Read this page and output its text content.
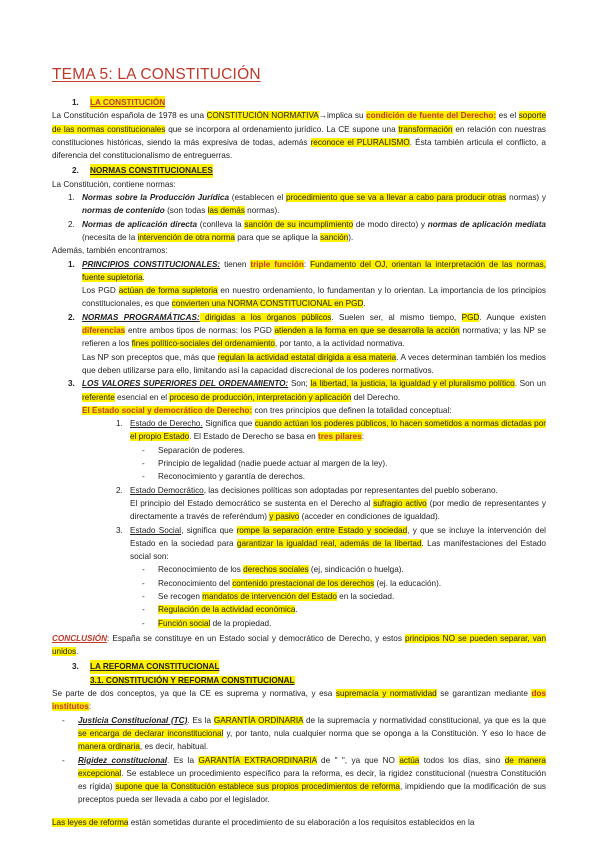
TEMA 5: LA CONSTITUCIÓN
1.	LA CONSTITUCIÓN

La Constitución española de 1978 es una CONSTITUCIÓN NORMATIVA→implica su condición de fuente del Derecho: es el soporte de las normas constitucionales que se incorpora al ordenamiento jurídico. La CE supone una transformación en relación con nuestras constituciones históricas, siendo la más expresiva de todas, además reconoce el PLURALISMO. Ésta también articula el conflicto, a diferencia del constitucionalismo de entreguerras.

2.	NORMAS CONSTITUCIONALES

La Constitución, contiene normas:

1. Normas sobre la Producción Jurídica (establecen el procedimiento que se va a llevar a cabo para producir otras normas) y normas de contenido (son todas las demás normas).
2. Normas de aplicación directa (conlleva la sanción de su incumplimiento de modo directo) y normas de aplicación mediata (necesita de la intervención de otra norma para que se aplique la sanción).

Además, también encontramos:

1. PRINCIPIOS CONSTITUCIONALES: tienen triple función: Fundamento del OJ, orientan la interpretación de las normas, fuente supletoria.
Los PGD actúan de forma supletoria en nuestro ordenamiento, lo fundamentan y lo orientan. La importancia de los principios constitucionales, es que convierten una NORMA CONSTITUCIONAL en PGD.
2. NORMAS PROGRAMÁTICAS: dirigidas a los órganos públicos. Suelen ser, al mismo tiempo, PGD. Aunque existen diferencias entre ambos tipos de normas: los PGD atienden a la forma en que se desarrolla la acción normativa; y las NP se refieren a los fines político-sociales del ordenamiento, por tanto, a la actividad normativa.
Las NP son preceptos que, más que regulan la actividad estatal dirigida a esa materia. A veces determinan también los medios que deben utilizarse para ello, limitando así la capacidad discrecional de los poderes normativos.
3. LOS VALORES SUPERIORES DEL ORDENAMIENTO: Son; la libertad, la justicia, la igualdad y el pluralismo político. Son un referente esencial en el proceso de producción, interpretación y aplicación del Derecho.

El Estado social y democrático de Derecho: con tres principios que definen la totalidad conceptual:

1. Estado de Derecho. Significa que cuando actúan los poderes públicos, lo hacen sometidos a normas dictadas por el propio Estado. El Estado de Derecho se basa en tres pilares:
-	Separación de poderes.
-	Principio de legalidad (nadie puede actuar al margen de la ley).
-	Reconocimiento y garantía de derechos.
2. Estado Democrático, las decisiones políticas son adoptadas por representantes del pueblo soberano.
El principio del Estado democrático se sustenta en el Derecho al sufragio activo (por medio de representantes y directamente a través de referéndum) y pasivo (acceder en condiciones de igualdad).
3. Estado Social, significa que rompe la separación entre Estado y sociedad, y que se incluye la intervención del Estado en la sociedad para garantizar la igualdad real, además de la libertad. Las manifestaciones del Estado social son:
-	Reconocimiento de los derechos sociales (ej, sindicación o huelga).
-	Reconocimiento del contenido prestacional de los derechos (ej. la educación).
-	Se recogen mandatos de intervención del Estado en la sociedad.
-	Regulación de la actividad económica.
-	Función social de la propiedad.

CONCLUSIÓN: España se constituye en un Estado social y democrático de Derecho, y estos principios NO se pueden separar, van unidos.

3.	LA REFORMA CONSTITUCIONAL

3.1. CONSTITUCIÓN Y REFORMA CONSTITUCIONAL

Se parte de dos conceptos, ya que la CE es suprema y normativa, y esa supremacía y normatividad se garantizan mediante dos institutos:

-	Justicia Constitucional (TC). Es la GARANTÍA ORDINARIA de la supremacía y normatividad constitucional, ya que es la que se encarga de declarar inconstitucional y, por tanto, nula cualquier norma que se oponga a la Constitución. Y eso lo hace de manera ordinaria, es decir, habitual.
-	Rigidez constitucional. Es la GARANTÍA EXTRAORDINARIA de " ", ya que NO actúa todos los días, sino de manera excepcional. Se establece un procedimiento específico para la reforma, es decir, la rigidez constitucional (nuestra Constitución es rígida) supone que la Constitución establece sus propios procedimientos de reforma, impidiendo que la modificación de sus preceptos pueda ser llevada a cabo por el legislador.

Las leyes de reforma están sometidas durante el procedimiento de su elaboración a los requisitos establecidos en la
